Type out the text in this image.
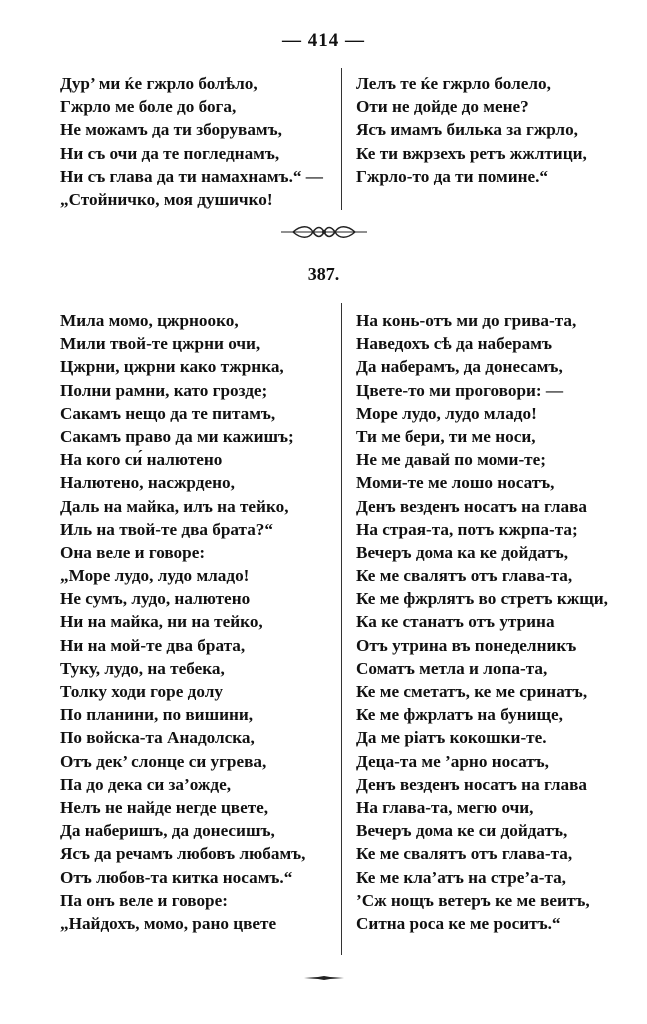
— 414 —
Дур’ ми ќе гжрло болѣло,
Гжрло ме боле до бога,
Не можамъ да ти зборувамъ,
Ни съ очи да те погледнамъ,
Ни съ глава да ти намахнамъ.“ —
„Стойничко, моя душичко!
Лелъ те ќе гжрло болело,
Оти не дойде до мене?
Ясъ имамъ билька за гжрло,
Ке ти вжрзехъ ретъ жжлтици,
Гжрло-то да ти помине.“
387.
Мила момо, цжрнооко,
Мили твой-те цжрни очи,
Цжрни, цжрни како тжрнка,
Полни рамни, като грозде;
Сакамъ нещо да те питамъ,
Сакамъ право да ми кажишъ;
На кого си́ налютено
Налютено, насжрдено,
Даль на майка, илъ на тейко,
Иль на твой-те два брата?“
Она веле и говоре:
„Море лудо, лудо младо!
Не сумъ, лудо, налютено
Ни на майка, ни на тейко,
Ни на мой-те два брата,
Туку, лудо, на тебека,
Толку ходи горе долу
По планини, по вишини,
По войска-та Анадолска,
Отъ дек’ слонце си угрева,
Па до дека си за’ожде,
Нелъ не найде негде цвете,
Да наберишъ, да донесишъ,
Ясъ да речамъ любовъ любамъ,
Отъ любов-та китка носамъ.“
Па онъ веле и говоре:
„Найдохъ, момо, рано цвете
На конь-отъ ми до грива-та,
Наведохъ сѣ да наберамъ
Да наберамъ, да донесамъ,
Цвете-то ми проговори: —
Море лудо, лудо младо!
Ти ме бери, ти ме носи,
Не ме давай по моми-те;
Моми-те ме лошо носатъ,
Денъ везденъ носатъ на глава
На страя-та, потъ кжрпа-та;
Вечеръ дома ка ке дойдатъ,
Ке ме свалятъ отъ глава-та,
Ке ме фжрлятъ во стретъ кжщи,
Ка ке станатъ отъ утрина
Отъ утрина въ понеделникъ
Соматъ метла и лопа-та,
Ке ме сметатъ, ке ме сринатъ,
Ке ме фжрлатъ на бунище,
Да ме ріатъ кокошки-те.
Деца-та ме ’арно носатъ,
Денъ везденъ носатъ на глава
На глава-та, мегю очи,
Вечеръ дома ке си дойдатъ,
Ке ме свалятъ отъ глава-та,
Ке ме кла’атъ на стре’а-та,
’Сж нощъ ветеръ ке ме веитъ,
Ситна роса ке ме роситъ.“
